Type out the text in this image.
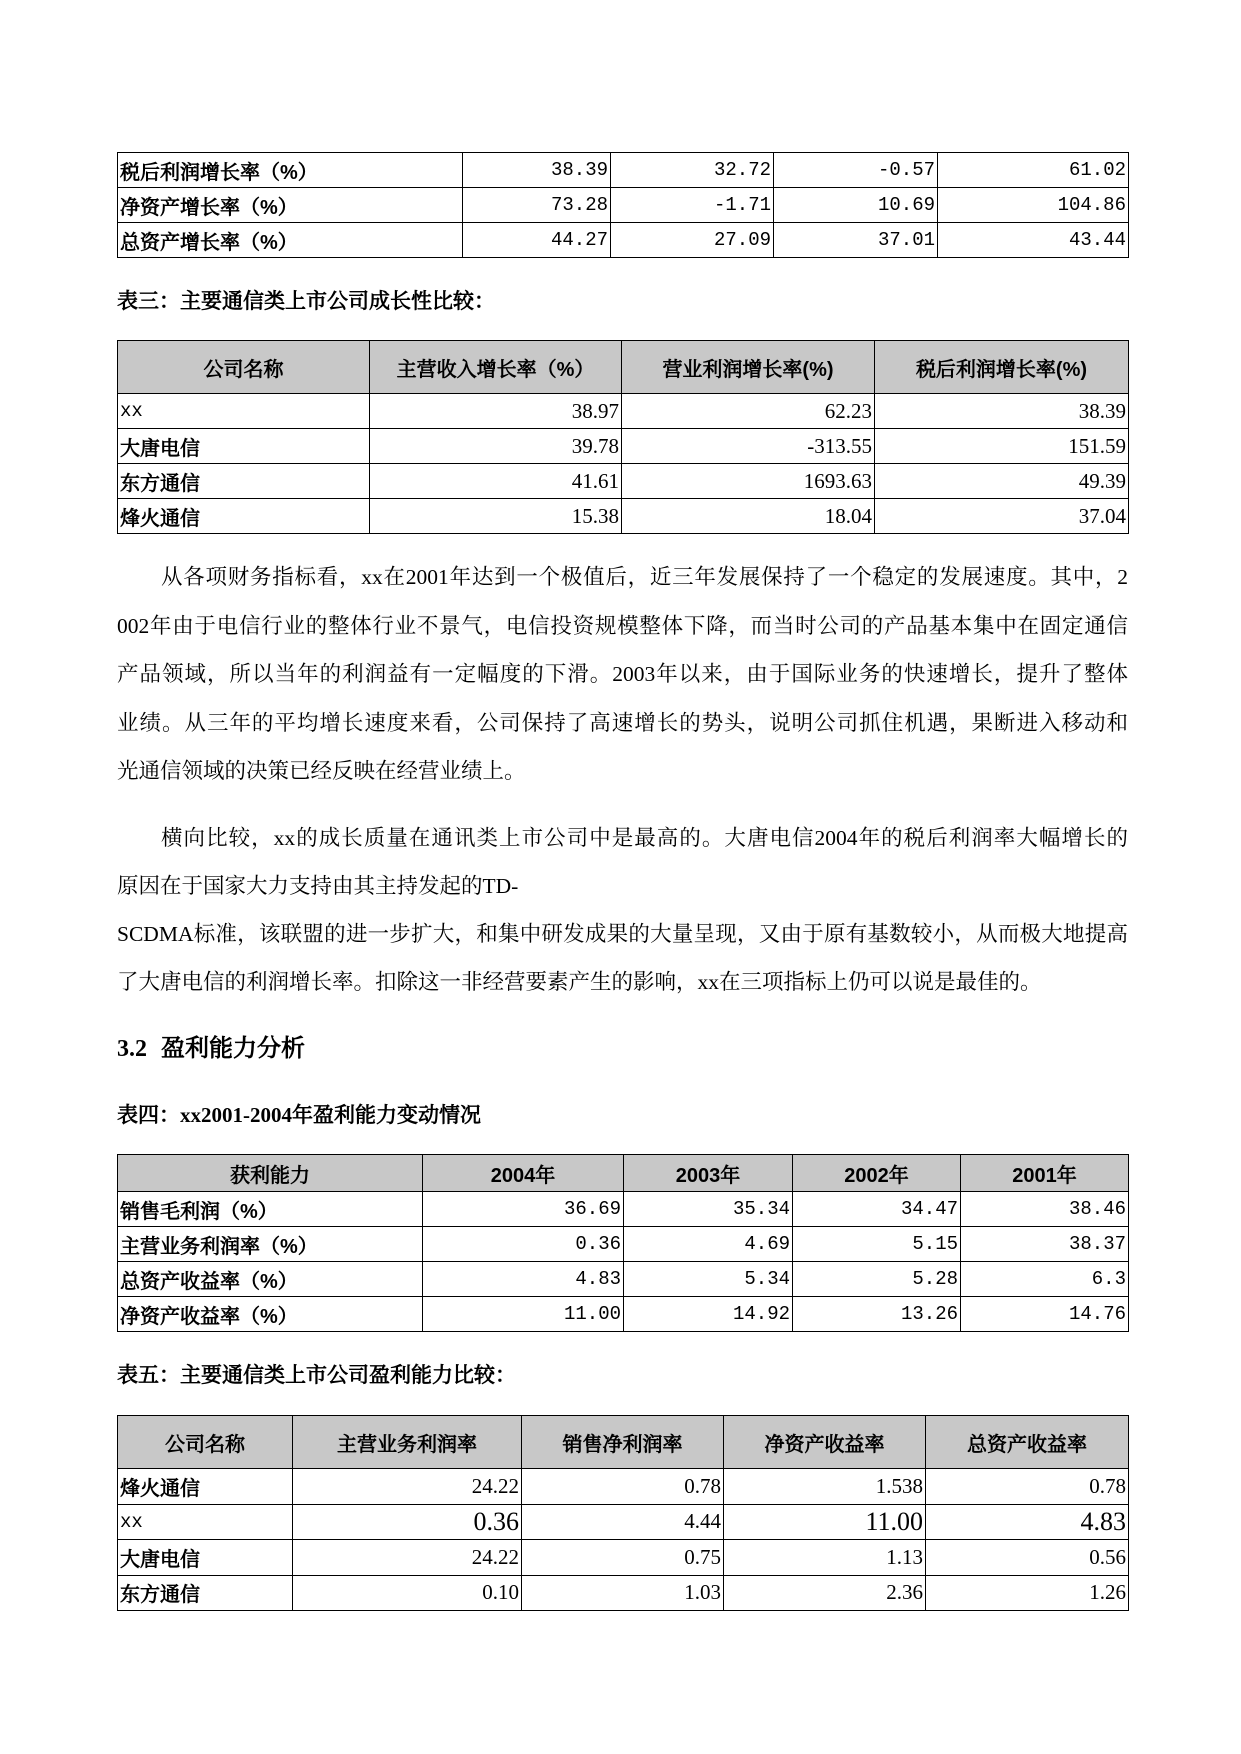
税后利润增长率（%）	38.39	32.72	-0.57	61.02
净资产增长率（%）	73.28	-1.71	10.69	104.86
总资产增长率（%）	44.27	27.09	37.01	43.44
表三：主要通信类上市公司成长性比较：
公司名称	主营收入增长率（%）	营业利润增长率(%)	税后利润增长率(%)
xx	38.97	62.23	38.39
大唐电信	39.78	-313.55	151.59
东方通信	41.61	1693.63	49.39
烽火通信	15.38	18.04	37.04
从各项财务指标看，xx在2001年达到一个极值后，近三年发展保持了一个稳定的发展速度。其中，2
002年由于电信行业的整体行业不景气，电信投资规模整体下降，而当时公司的产品基本集中在固定通信
产品领域，所以当年的利润益有一定幅度的下滑。2003年以来，由于国际业务的快速增长，提升了整体
业绩。从三年的平均增长速度来看，公司保持了高速增长的势头，说明公司抓住机遇，果断进入移动和
光通信领域的决策已经反映在经营业绩上。
横向比较，xx的成长质量在通讯类上市公司中是最高的。大唐电信2004年的税后利润率大幅增长的
原因在于国家大力支持由其主持发起的TD-
SCDMA标准，该联盟的进一步扩大，和集中研发成果的大量呈现，又由于原有基数较小，从而极大地提高
了大唐电信的利润增长率。扣除这一非经营要素产生的影响，xx在三项指标上仍可以说是最佳的。
3.2 盈利能力分析
表四：xx2001-2004年盈利能力变动情况
获利能力	2004年	2003年	2002年	2001年
销售毛利润（%）	36.69	35.34	34.47	38.46
主营业务利润率（%）	0.36	4.69	5.15	38.37
总资产收益率（%）	4.83	5.34	5.28	6.3
净资产收益率（%）	11.00	14.92	13.26	14.76
表五：主要通信类上市公司盈利能力比较：
公司名称	主营业务利润率	销售净利润率	净资产收益率	总资产收益率
烽火通信	24.22	0.78	1.538	0.78
xx	0.36	4.44	11.00	4.83
大唐电信	24.22	0.75	1.13	0.56
东方通信	0.10	1.03	2.36	1.26
